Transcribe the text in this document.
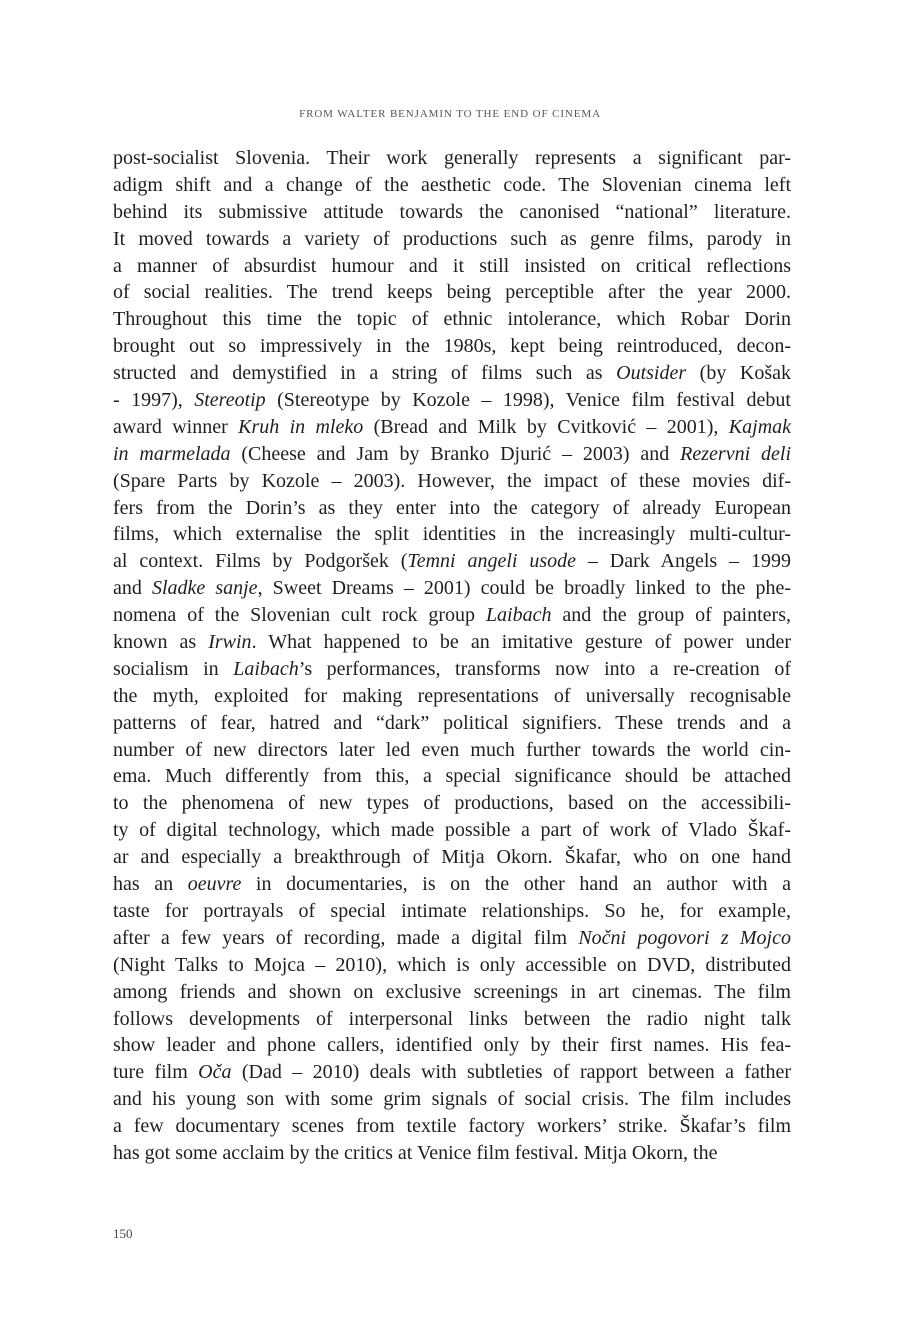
FROM WALTER BENJAMIN TO THE END OF CINEMA
post-socialist Slovenia. Their work generally represents a significant par-
adigm shift and a change of the aesthetic code. The Slovenian cinema left
behind its submissive attitude towards the canonised “national” literature.
It moved towards a variety of productions such as genre films, parody in
a manner of absurdist humour and it still insisted on critical reflections
of social realities. The trend keeps being perceptible after the year 2000.
Throughout this time the topic of ethnic intolerance, which Robar Dorin
brought out so impressively in the 1980s, kept being reintroduced, decon-
structed and demystified in a string of films such as Outsider (by Košak
- 1997), Stereotip (Stereotype by Kozole – 1998), Venice film festival debut
award winner Kruh in mleko (Bread and Milk by Cvitković – 2001), Kajmak
in marmelada (Cheese and Jam by Branko Djurić – 2003) and Rezervni deli
(Spare Parts by Kozole – 2003). However, the impact of these movies dif-
fers from the Dorin’s as they enter into the category of already European
films, which externalise the split identities in the increasingly multi-cultur-
al context. Films by Podgoršek (Temni angeli usode – Dark Angels – 1999
and Sladke sanje, Sweet Dreams – 2001) could be broadly linked to the phe-
nomena of the Slovenian cult rock group Laibach and the group of painters,
known as Irwin. What happened to be an imitative gesture of power under
socialism in Laibach’s performances, transforms now into a re-creation of
the myth, exploited for making representations of universally recognisable
patterns of fear, hatred and “dark” political signifiers. These trends and a
number of new directors later led even much further towards the world cin-
ema. Much differently from this, a special significance should be attached
to the phenomena of new types of productions, based on the accessibili-
ty of digital technology, which made possible a part of work of Vlado Škaf-
ar and especially a breakthrough of Mitja Okorn. Škafar, who on one hand
has an oeuvre in documentaries, is on the other hand an author with a
taste for portrayals of special intimate relationships. So he, for example,
after a few years of recording, made a digital film Nočni pogovori z Mojco
(Night Talks to Mojca – 2010), which is only accessible on DVD, distributed
among friends and shown on exclusive screenings in art cinemas. The film
follows developments of interpersonal links between the radio night talk
show leader and phone callers, identified only by their first names. His fea-
ture film Oča (Dad – 2010) deals with subtleties of rapport between a father
and his young son with some grim signals of social crisis. The film includes
a few documentary scenes from textile factory workers’ strike. Škafar’s film
has got some acclaim by the critics at Venice film festival. Mitja Okorn, the
150
